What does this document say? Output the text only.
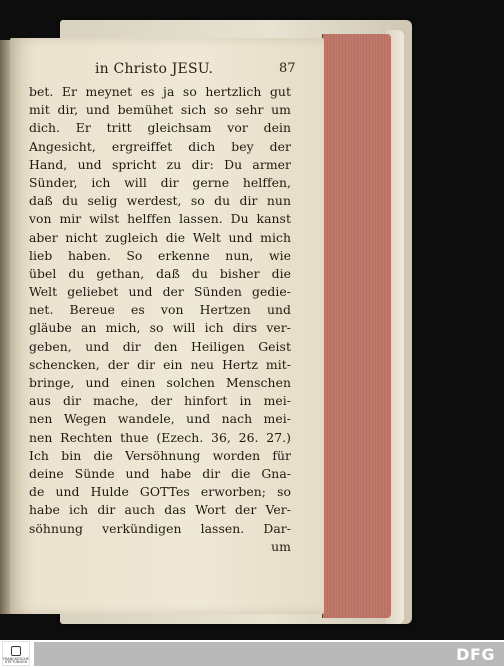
in Christo JESU.	87
bet. Er meynet es ja so hertzlich gut
mit dir, und bemühet sich so sehr um
dich. Er tritt gleichsam vor dein
Angesicht, ergreiffet dich bey der
Hand, und spricht zu dir: Du armer
Sünder, ich will dir gerne helffen,
daß du selig werdest, so du dir nun
von mir wilst helffen lassen. Du kanst
aber nicht zugleich die Welt und mich
lieb haben. So erkenne nun, wie
übel du gethan, daß du bisher die
Welt geliebet und der Sünden gedie-
net. Bereue es von Hertzen und
gläube an mich, so will ich dirs ver-
geben, und dir den Heiligen Geist
schencken, der dir ein neu Hertz mit-
bringe, und einen solchen Menschen
aus dir mache, der hinfort in mei-
nen Wegen wandele, und nach mei-
nen Rechten thue (Ezech. 36, 26. 27.)
Ich bin die Versöhnung worden für
deine Sünde und habe dir die Gna-
de und Hulde GOTTes erworben; so
habe ich dir auch das Wort der Ver-
söhnung verkündigen lassen. Dar-
um
FRANCKESCHE
STIFTUNGEN	DFG
